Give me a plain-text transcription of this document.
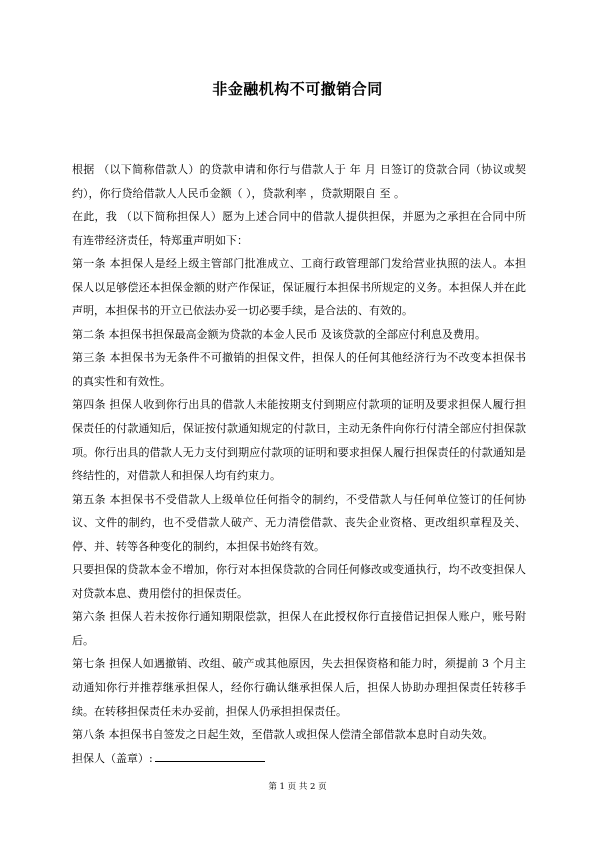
非金融机构不可撤销合同

根据 （以下简称借款人）的贷款申请和你行与借款人于 年 月 日签订的贷款合同（协议或契约），你行贷给借款人人民币金额（ ），贷款利率 ，贷款期限自 至 。

在此，我 （以下简称担保人）愿为上述合同中的借款人提供担保，并愿为之承担在合同中所有连带经济责任，特郑重声明如下：

第一条 本担保人是经上级主管部门批准成立、工商行政管理部门发给营业执照的法人。本担保人以足够偿还本担保金额的财产作保证，保证履行本担保书所规定的义务。本担保人并在此声明，本担保书的开立已依法办妥一切必要手续，是合法的、有效的。

第二条 本担保书担保最高金额为贷款的本金人民币 及该贷款的全部应付利息及费用。

第三条 本担保书为无条件不可撤销的担保文件，担保人的任何其他经济行为不改变本担保书的真实性和有效性。

第四条 担保人收到你行出具的借款人未能按期支付到期应付款项的证明及要求担保人履行担保责任的付款通知后，保证按付款通知规定的付款日，主动无条件向你行付清全部应付担保款项。你行出具的借款人无力支付到期应付款项的证明和要求担保人履行担保责任的付款通知是终结性的，对借款人和担保人均有约束力。

第五条 本担保书不受借款人上级单位任何指令的制约，不受借款人与任何单位签订的任何协议、文件的制约，也不受借款人破产、无力清偿借款、丧失企业资格、更改组织章程及关、停、并、转等各种变化的制约，本担保书始终有效。

只要担保的贷款本金不增加，你行对本担保贷款的合同任何修改或变通执行，均不改变担保人对贷款本息、费用偿付的担保责任。

第六条 担保人若未按你行通知期限偿款，担保人在此授权你行直接借记担保人账户，账号附后。

第七条 担保人如遇撤销、改组、破产或其他原因，失去担保资格和能力时，须提前 3 个月主动通知你行并推荐继承担保人，经你行确认继承担保人后，担保人协助办理担保责任转移手续。在转移担保责任未办妥前，担保人仍承担担保责任。

第八条 本担保书自签发之日起生效，至借款人或担保人偿清全部借款本息时自动失效。

担保人（盖章）:

第 1 页 共 2 页
